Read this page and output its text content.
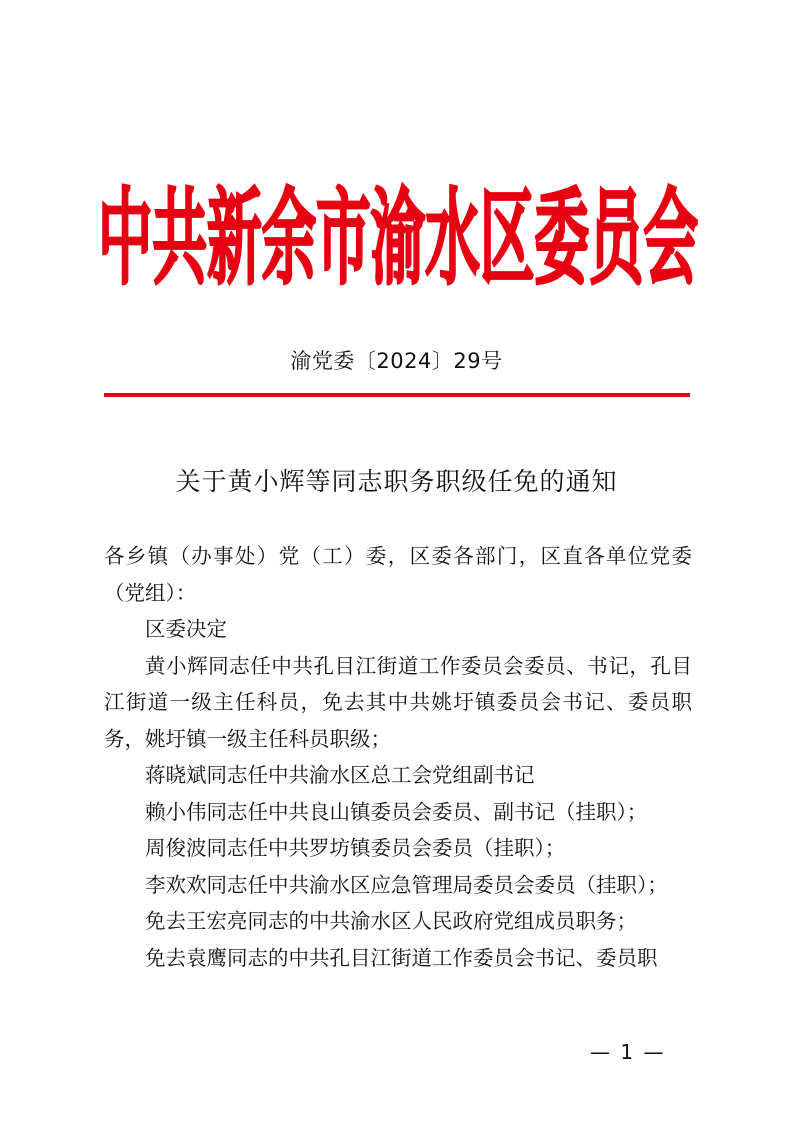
中共新余市渝水区委员会
渝党委〔2024〕29号
关于黄小辉等同志职务职级任免的通知

各乡镇（办事处）党（工）委，区委各部门，区直各单位党委（党组）：

区委决定

黄小辉同志任中共孔目江街道工作委员会委员、书记，孔目江街道一级主任科员，免去其中共姚圩镇委员会书记、委员职务，姚圩镇一级主任科员职级；

蒋晓斌同志任中共渝水区总工会党组副书记

赖小伟同志任中共良山镇委员会委员、副书记（挂职）；

周俊波同志任中共罗坊镇委员会委员（挂职）；

李欢欢同志任中共渝水区应急管理局委员会委员（挂职）；

免去王宏亮同志的中共渝水区人民政府党组成员职务；

免去袁鹰同志的中共孔目江街道工作委员会书记、委员职

— 1 —
